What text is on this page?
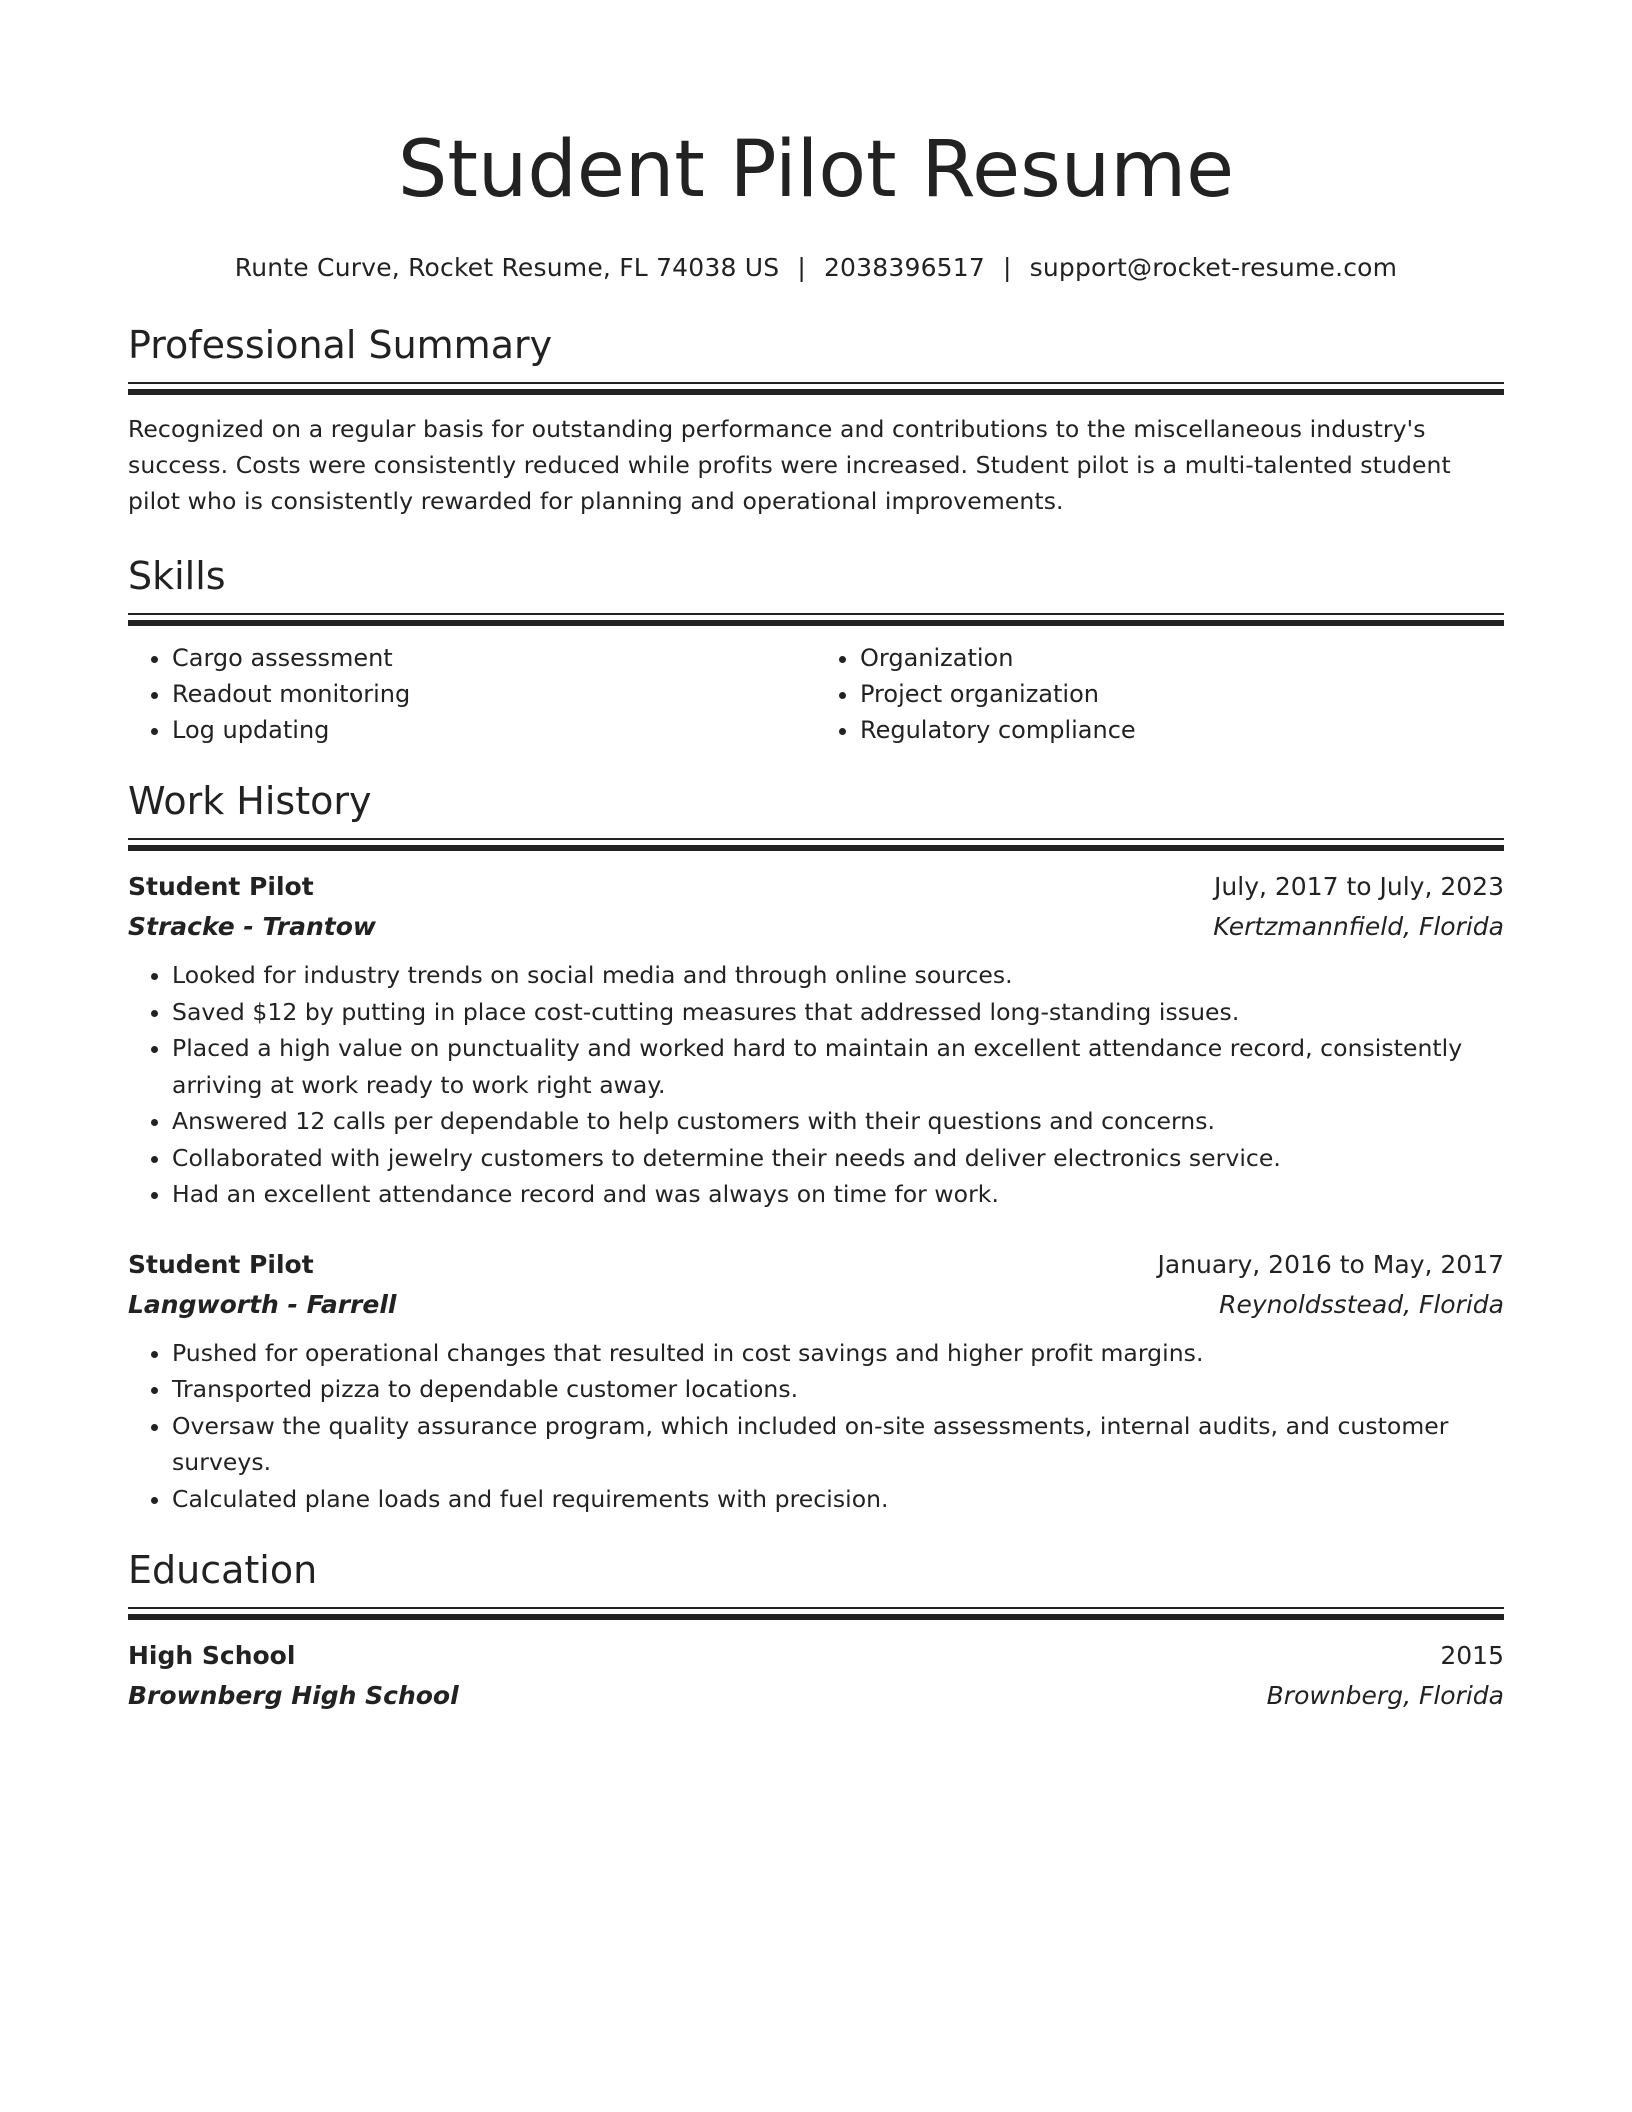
Student Pilot Resume
Runte Curve, Rocket Resume, FL 74038 US | 2038396517 | support@rocket-resume.com
Professional Summary

Recognized on a regular basis for outstanding performance and contributions to the miscellaneous industry's success. Costs were consistently reduced while profits were increased. Student pilot is a multi-talented student pilot who is consistently rewarded for planning and operational improvements.

Skills
• Cargo assessment
• Readout monitoring
• Log updating
• Organization
• Project organization
• Regulatory compliance
Work History
Student Pilot	July, 2017 to July, 2023
Stracke - Trantow	Kertzmannfield, Florida
• Looked for industry trends on social media and through online sources.
• Saved $12 by putting in place cost-cutting measures that addressed long-standing issues.
• Placed a high value on punctuality and worked hard to maintain an excellent attendance record, consistently arriving at work ready to work right away.
• Answered 12 calls per dependable to help customers with their questions and concerns.
• Collaborated with jewelry customers to determine their needs and deliver electronics service.
• Had an excellent attendance record and was always on time for work.
Student Pilot	January, 2016 to May, 2017
Langworth - Farrell	Reynoldsstead, Florida
• Pushed for operational changes that resulted in cost savings and higher profit margins.
• Transported pizza to dependable customer locations.
• Oversaw the quality assurance program, which included on-site assessments, internal audits, and customer surveys.
• Calculated plane loads and fuel requirements with precision.
Education
High School	2015
Brownberg High School	Brownberg, Florida
